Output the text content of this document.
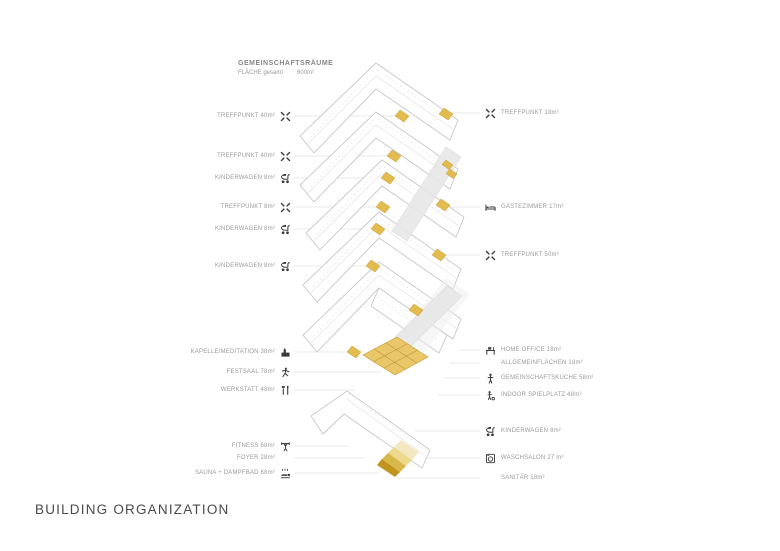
GEMEINSCHAFTSRÄUME
FLÄCHE gesamt 600m²
TREFFPUNKT 40m²
TREFFPUNKT 40m²
KINDERWAGEN 8m²
TREFFPUNKT 8m²
KINDERWAGEN 8m²
KINDERWAGEN 8m²
KAPELLE/MEDITATION 38m²
FESTSAAL 78m²
WERKSTATT 48m²
FITNESS 68m²
FOYER 28m²
SAUNA + DAMPFBAD 68m²
TREFFPUNKT 18m²
GÄSTEZIMMER 17m²
TREFFPUNKT 50m²
HOME OFFICE 18m²
ALLGEMEINFLÄCHEN 18m²
GEMEINSCHAFTSKÜCHE 58m²
INDOOR SPIELPLATZ 48m²
KINDERWAGEN 8m²
WASCHSALON 27 m²
SANITÄR 18m²
BUILDING ORGANIZATION
